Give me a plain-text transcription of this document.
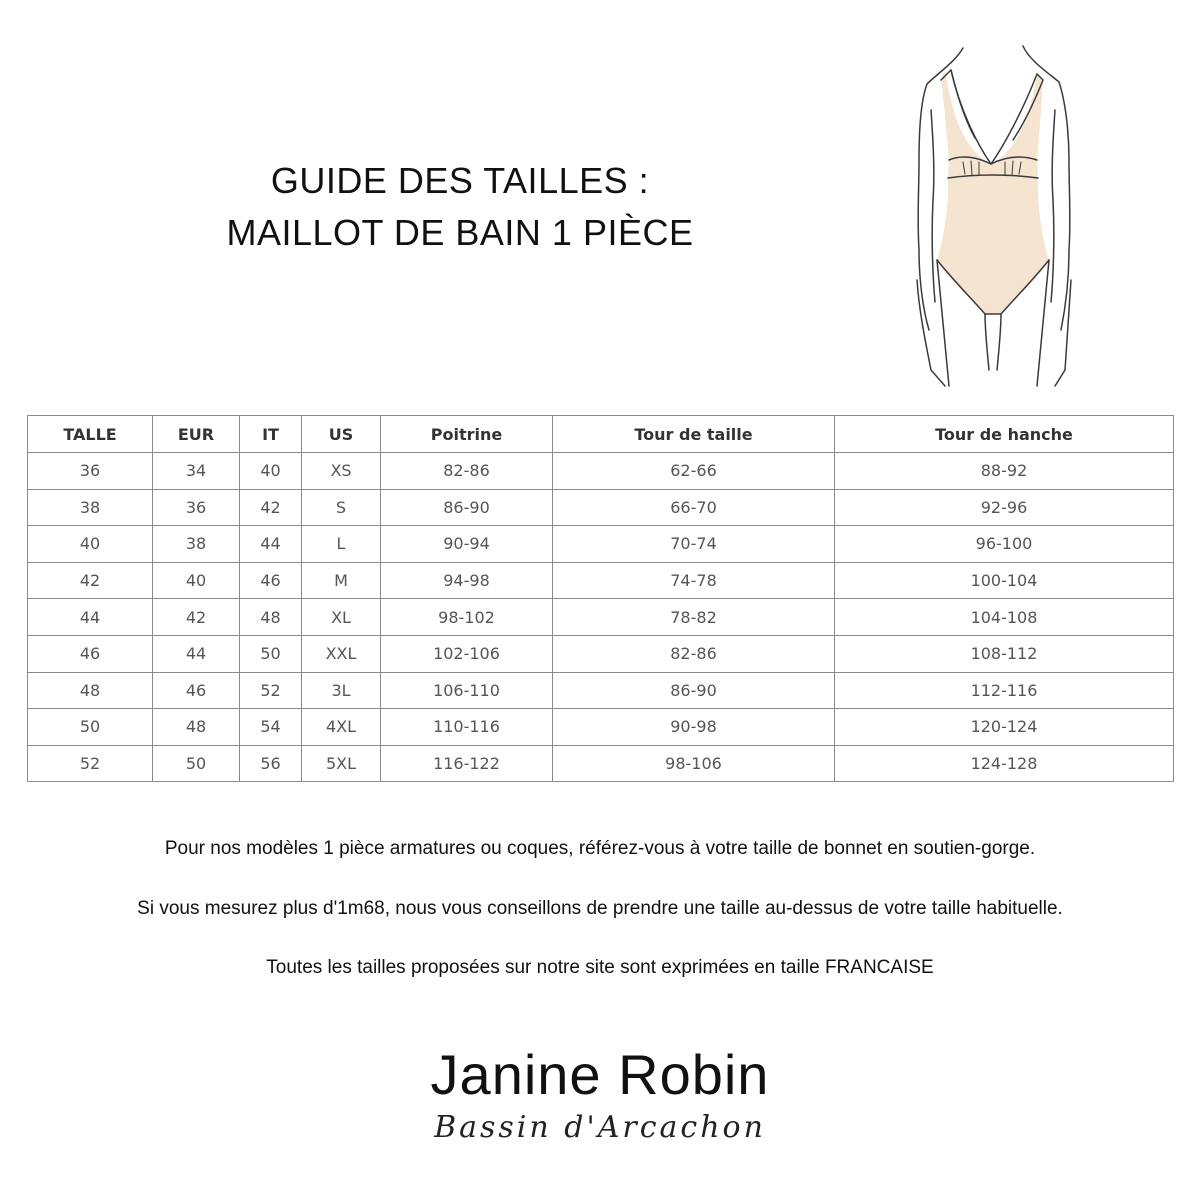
GUIDE DES TAILLES :
MAILLOT DE BAIN 1 PIÈCE
TALLE	EUR	IT	US	Poitrine	Tour de taille	Tour de hanche
36	34	40	XS	82-86	62-66	88-92
38	36	42	S	86-90	66-70	92-96
40	38	44	L	90-94	70-74	96-100
42	40	46	M	94-98	74-78	100-104
44	42	48	XL	98-102	78-82	104-108
46	44	50	XXL	102-106	82-86	108-112
48	46	52	3L	106-110	86-90	112-116
50	48	54	4XL	110-116	90-98	120-124
52	50	56	5XL	116-122	98-106	124-128
Pour nos modèles 1 pièce armatures ou coques, référez-vous à votre taille de bonnet en soutien-gorge.
Si vous mesurez plus d'1m68, nous vous conseillons de prendre une taille au-dessus de votre taille habituelle.
Toutes les tailles proposées sur notre site sont exprimées en taille FRANCAISE
Janine Robin
Bassin d'Arcachon
